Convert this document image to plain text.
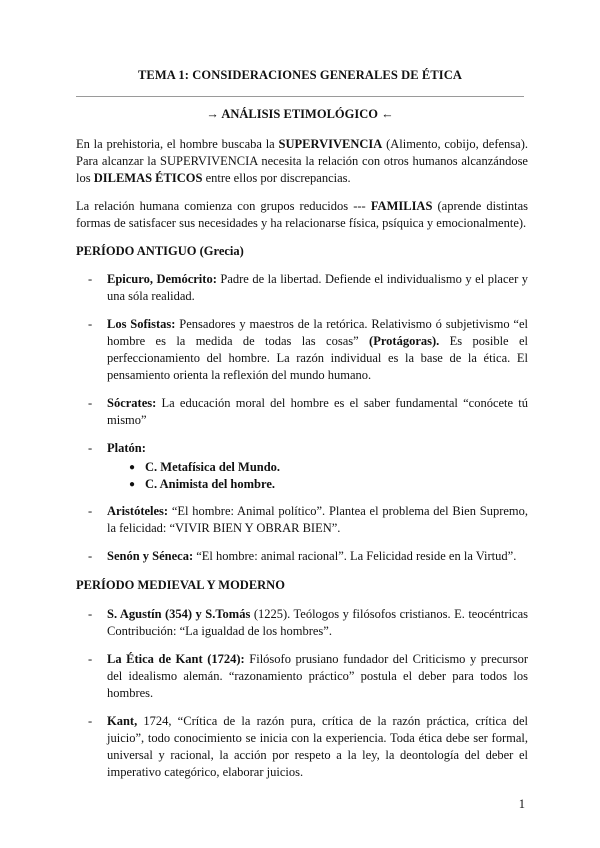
TEMA 1: CONSIDERACIONES GENERALES DE ÉTICA
→ ANÁLISIS ETIMOLÓGICO ←

En la prehistoria, el hombre buscaba la SUPERVIVENCIA (Alimento, cobijo, defensa). Para alcanzar la SUPERVIVENCIA necesita la relación con otros humanos alcanzándose los DILEMAS ÉTICOS entre ellos por discrepancias.

La relación humana comienza con grupos reducidos --- FAMILIAS (aprende distintas formas de satisfacer sus necesidades y ha relacionarse física, psíquica y emocionalmente).

PERÍODO ANTIGUO (Grecia)
- Epicuro, Demócrito: Padre de la libertad. Defiende el individualismo y el placer y una sóla realidad.
- Los Sofistas: Pensadores y maestros de la retórica. Relativismo ó subjetivismo “el hombre es la medida de todas las cosas” (Protágoras). Es posible el perfeccionamiento del hombre. La razón individual es la base de la ética. El pensamiento orienta la reflexión del mundo humano.
- Sócrates: La educación moral del hombre es el saber fundamental “conócete tú mismo”
- Platón:
● C. Metafísica del Mundo.
● C. Animista del hombre.
- Aristóteles: “El hombre: Animal político”. Plantea el problema del Bien Supremo, la felicidad: “VIVIR BIEN Y OBRAR BIEN”.
- Senón y Séneca: “El hombre: animal racional”. La Felicidad reside en la Virtud”.
PERÍODO MEDIEVAL Y MODERNO
- S. Agustín (354) y S.Tomás (1225). Teólogos y filósofos cristianos. E. teocéntricas Contribución: “La igualdad de los hombres”.
- La Ética de Kant (1724): Filósofo prusiano fundador del Criticismo y precursor del idealismo alemán. “razonamiento práctico” postula el deber para todos los hombres.
- Kant, 1724, “Crítica de la razón pura, crítica de la razón práctica, crítica del juicio”, todo conocimiento se inicia con la experiencia. Toda ética debe ser formal, universal y racional, la acción por respeto a la ley, la deontología del deber el imperativo categórico, elaborar juicios.
1
